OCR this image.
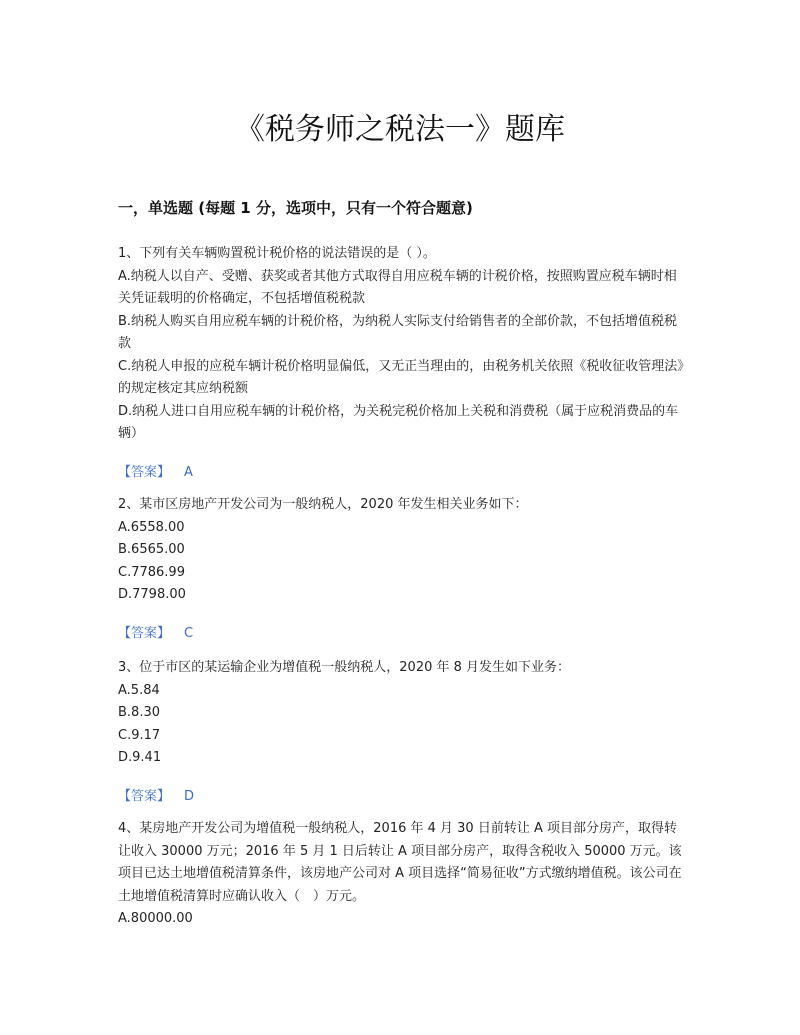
《税务师之税法一》题库
一，单选题 (每题 1 分，选项中，只有一个符合题意)
1、下列有关车辆购置税计税价格的说法错误的是（ ）。
A.纳税人以自产、受赠、获奖或者其他方式取得自用应税车辆的计税价格，按照购置应税车辆时相关凭证载明的价格确定，不包括增值税税款
B.纳税人购买自用应税车辆的计税价格，为纳税人实际支付给销售者的全部价款，不包括增值税税款
C.纳税人申报的应税车辆计税价格明显偏低，又无正当理由的，由税务机关依照《税收征收管理法》的规定核定其应纳税额
D.纳税人进口自用应税车辆的计税价格，为关税完税价格加上关税和消费税（属于应税消费品的车辆）
【答案】 A
2、某市区房地产开发公司为一般纳税人，2020 年发生相关业务如下：
A.6558.00
B.6565.00
C.7786.99
D.7798.00
【答案】 C
3、位于市区的某运输企业为增值税一般纳税人，2020 年 8 月发生如下业务：
A.5.84
B.8.30
C.9.17
D.9.41
【答案】 D
4、某房地产开发公司为增值税一般纳税人，2016 年 4 月 30 日前转让 A 项目部分房产，取得转让收入 30000 万元；2016 年 5 月 1 日后转让 A 项目部分房产，取得含税收入 50000 万元。该项目已达土地增值税清算条件，该房地产公司对 A 项目选择“简易征收”方式缴纳增值税。该公司在土地增值税清算时应确认收入（　）万元。
A.80000.00
